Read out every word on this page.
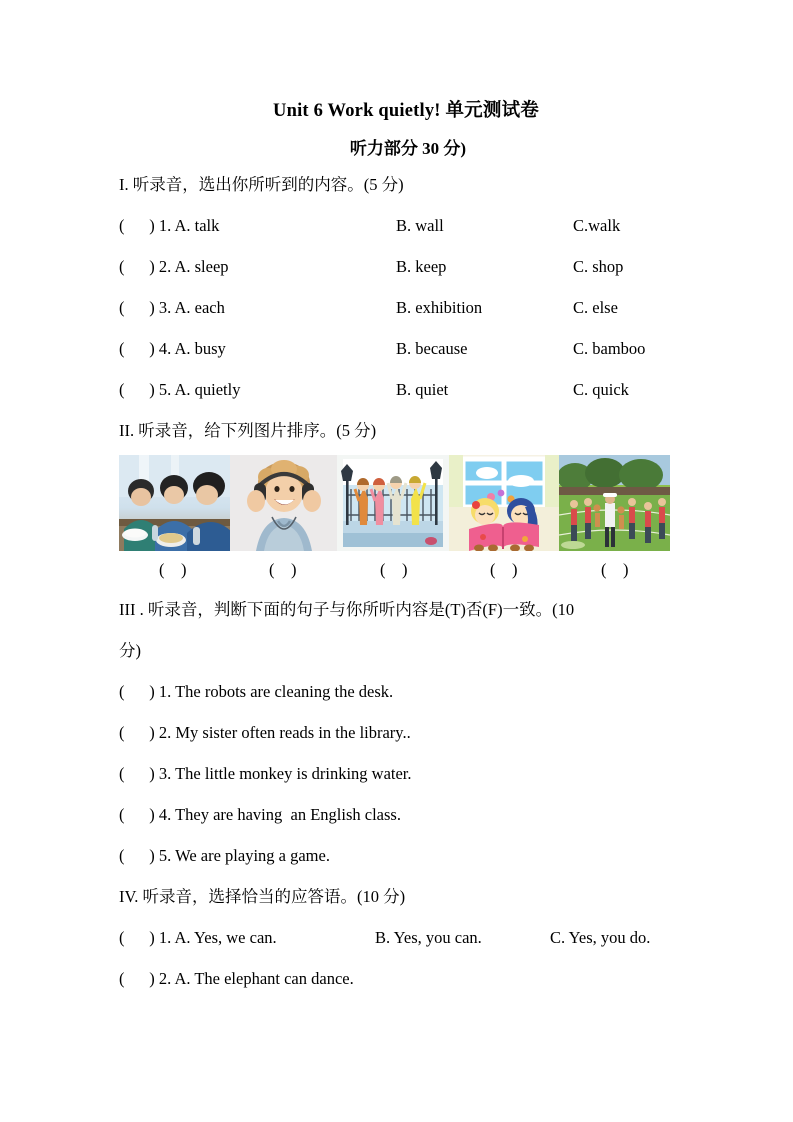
Unit 6 Work quietly! 单元测试卷
听力部分 30 分)
I. 听录音，选出你所听到的内容。(5 分)

(      ) 1. A. talk

	B. wall

	C.walk

(      ) 2. A. sleep

	B. keep

	C. shop

(      ) 3. A. each

	B. exhibition

	C. else

(      ) 4. A. busy

	B. because

	C. bamboo

(      ) 5. A. quietly

	B. quiet

	C. quick

II. 听录音，给下列图片排序。(5 分)
(    )	(    )	(    )	(    )	(    )
III . 听录音，判断下面的句子与你所听内容是(T)否(F)一致。(10
分)

(      ) 1. The robots are cleaning the desk.

(      ) 2. My sister often reads in the library..

(      ) 3. The little monkey is drinking water.

(      ) 4. They are having  an English class.

(      ) 5. We are playing a game.

IV. 听录音，选择恰当的应答语。(10 分)

(      ) 1. A. Yes, we can.

	B. Yes, you can.

	C. Yes, you do.

(      ) 2. A. The elephant can dance.
